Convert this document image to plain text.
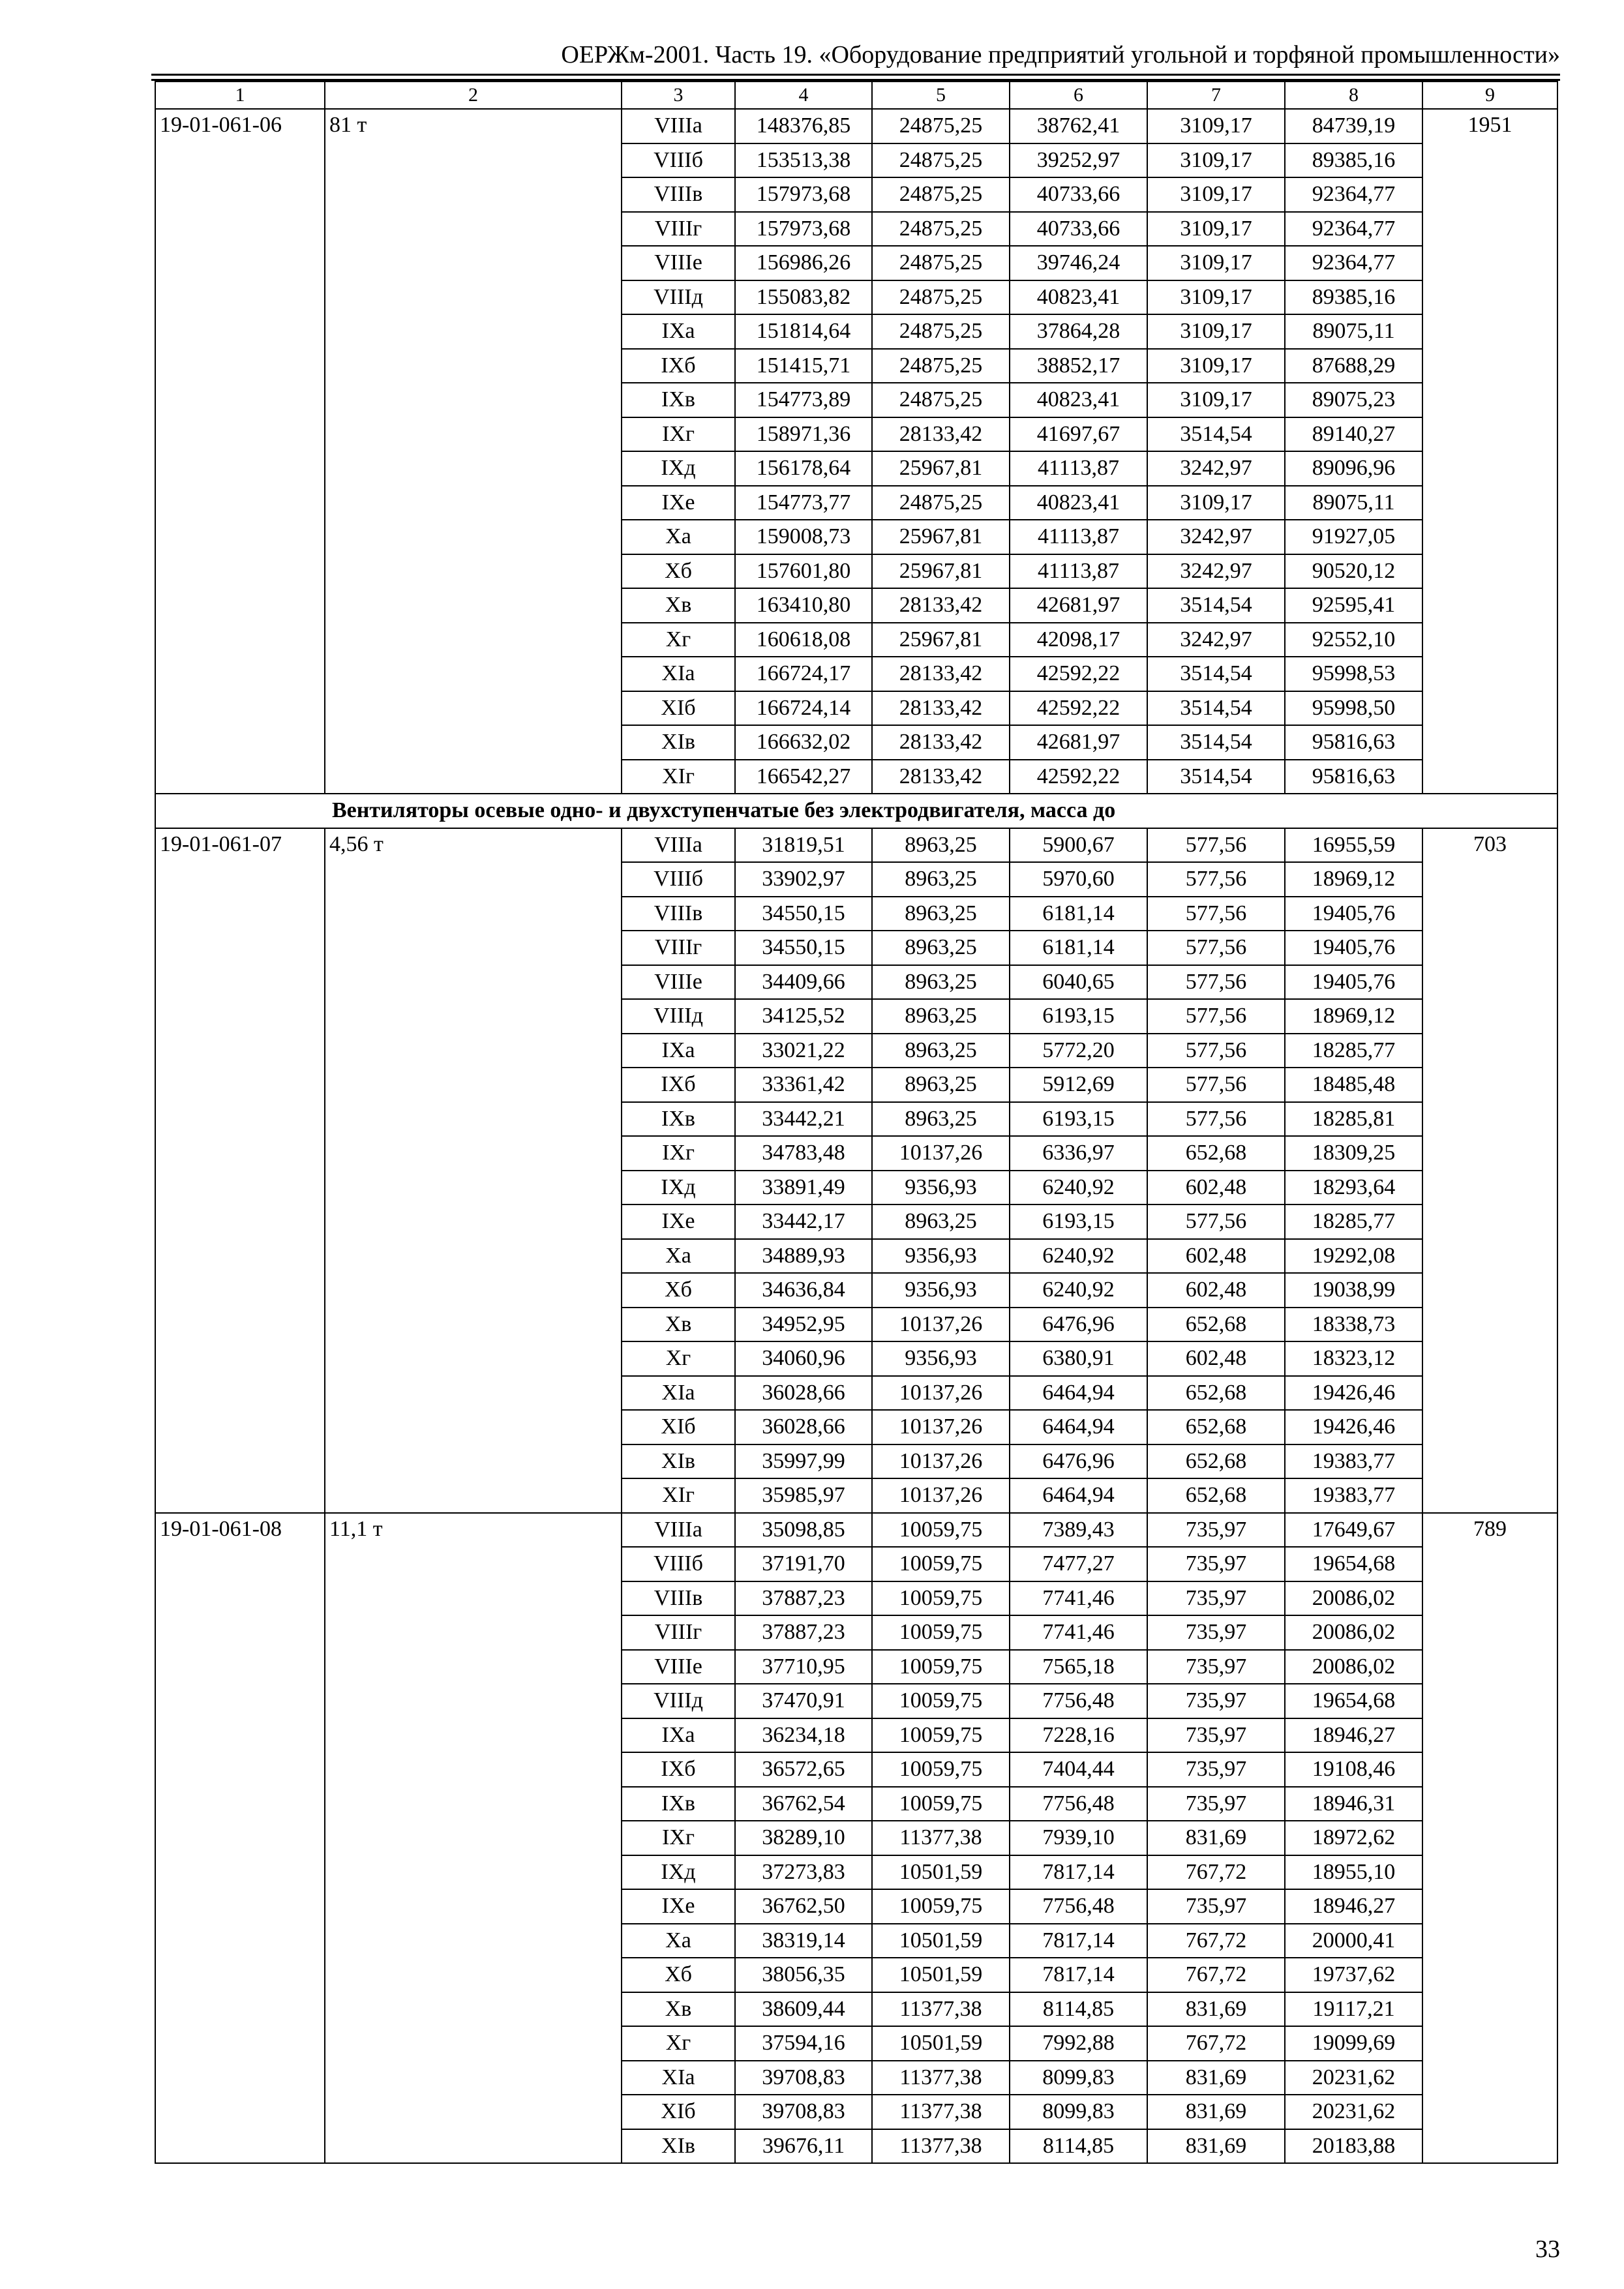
ОЕРЖм-2001. Часть 19. «Оборудование предприятий угольной и торфяной промышленности»
1	2	3	4	5	6	7	8	9
19-01-061-06	81 т	VIIIа	148376,85	24875,25	38762,41	3109,17	84739,19	1951
		VIIIб	153513,38	24875,25	39252,97	3109,17	89385,16	
		VIIIв	157973,68	24875,25	40733,66	3109,17	92364,77	
		VIIIг	157973,68	24875,25	40733,66	3109,17	92364,77	
		VIIIе	156986,26	24875,25	39746,24	3109,17	92364,77	
		VIIIд	155083,82	24875,25	40823,41	3109,17	89385,16	
		IXа	151814,64	24875,25	37864,28	3109,17	89075,11	
		IXб	151415,71	24875,25	38852,17	3109,17	87688,29	
		IXв	154773,89	24875,25	40823,41	3109,17	89075,23	
		IXг	158971,36	28133,42	41697,67	3514,54	89140,27	
		IXд	156178,64	25967,81	41113,87	3242,97	89096,96	
		IXе	154773,77	24875,25	40823,41	3109,17	89075,11	
		Xа	159008,73	25967,81	41113,87	3242,97	91927,05	
		Xб	157601,80	25967,81	41113,87	3242,97	90520,12	
		Xв	163410,80	28133,42	42681,97	3514,54	92595,41	
		Xг	160618,08	25967,81	42098,17	3242,97	92552,10	
		XIа	166724,17	28133,42	42592,22	3514,54	95998,53	
		XIб	166724,14	28133,42	42592,22	3514,54	95998,50	
		XIв	166632,02	28133,42	42681,97	3514,54	95816,63	
		XIг	166542,27	28133,42	42592,22	3514,54	95816,63	
Вентиляторы осевые одно- и двухступенчатые без электродвигателя, масса до								
19-01-061-07	4,56 т	VIIIа	31819,51	8963,25	5900,67	577,56	16955,59	703
		VIIIб	33902,97	8963,25	5970,60	577,56	18969,12	
		VIIIв	34550,15	8963,25	6181,14	577,56	19405,76	
		VIIIг	34550,15	8963,25	6181,14	577,56	19405,76	
		VIIIе	34409,66	8963,25	6040,65	577,56	19405,76	
		VIIIд	34125,52	8963,25	6193,15	577,56	18969,12	
		IXа	33021,22	8963,25	5772,20	577,56	18285,77	
		IXб	33361,42	8963,25	5912,69	577,56	18485,48	
		IXв	33442,21	8963,25	6193,15	577,56	18285,81	
		IXг	34783,48	10137,26	6336,97	652,68	18309,25	
		IXд	33891,49	9356,93	6240,92	602,48	18293,64	
		IXе	33442,17	8963,25	6193,15	577,56	18285,77	
		Xа	34889,93	9356,93	6240,92	602,48	19292,08	
		Xб	34636,84	9356,93	6240,92	602,48	19038,99	
		Xв	34952,95	10137,26	6476,96	652,68	18338,73	
		Xг	34060,96	9356,93	6380,91	602,48	18323,12	
		XIа	36028,66	10137,26	6464,94	652,68	19426,46	
		XIб	36028,66	10137,26	6464,94	652,68	19426,46	
		XIв	35997,99	10137,26	6476,96	652,68	19383,77	
		XIг	35985,97	10137,26	6464,94	652,68	19383,77	
19-01-061-08	11,1 т	VIIIа	35098,85	10059,75	7389,43	735,97	17649,67	789
		VIIIб	37191,70	10059,75	7477,27	735,97	19654,68	
		VIIIв	37887,23	10059,75	7741,46	735,97	20086,02	
		VIIIг	37887,23	10059,75	7741,46	735,97	20086,02	
		VIIIе	37710,95	10059,75	7565,18	735,97	20086,02	
		VIIIд	37470,91	10059,75	7756,48	735,97	19654,68	
		IXа	36234,18	10059,75	7228,16	735,97	18946,27	
		IXб	36572,65	10059,75	7404,44	735,97	19108,46	
		IXв	36762,54	10059,75	7756,48	735,97	18946,31	
		IXг	38289,10	11377,38	7939,10	831,69	18972,62	
		IXд	37273,83	10501,59	7817,14	767,72	18955,10	
		IXе	36762,50	10059,75	7756,48	735,97	18946,27	
		Xа	38319,14	10501,59	7817,14	767,72	20000,41	
		Xб	38056,35	10501,59	7817,14	767,72	19737,62	
		Xв	38609,44	11377,38	8114,85	831,69	19117,21	
		Xг	37594,16	10501,59	7992,88	767,72	19099,69	
		XIа	39708,83	11377,38	8099,83	831,69	20231,62	
		XIб	39708,83	11377,38	8099,83	831,69	20231,62	
		XIв	39676,11	11377,38	8114,85	831,69	20183,88	
33
